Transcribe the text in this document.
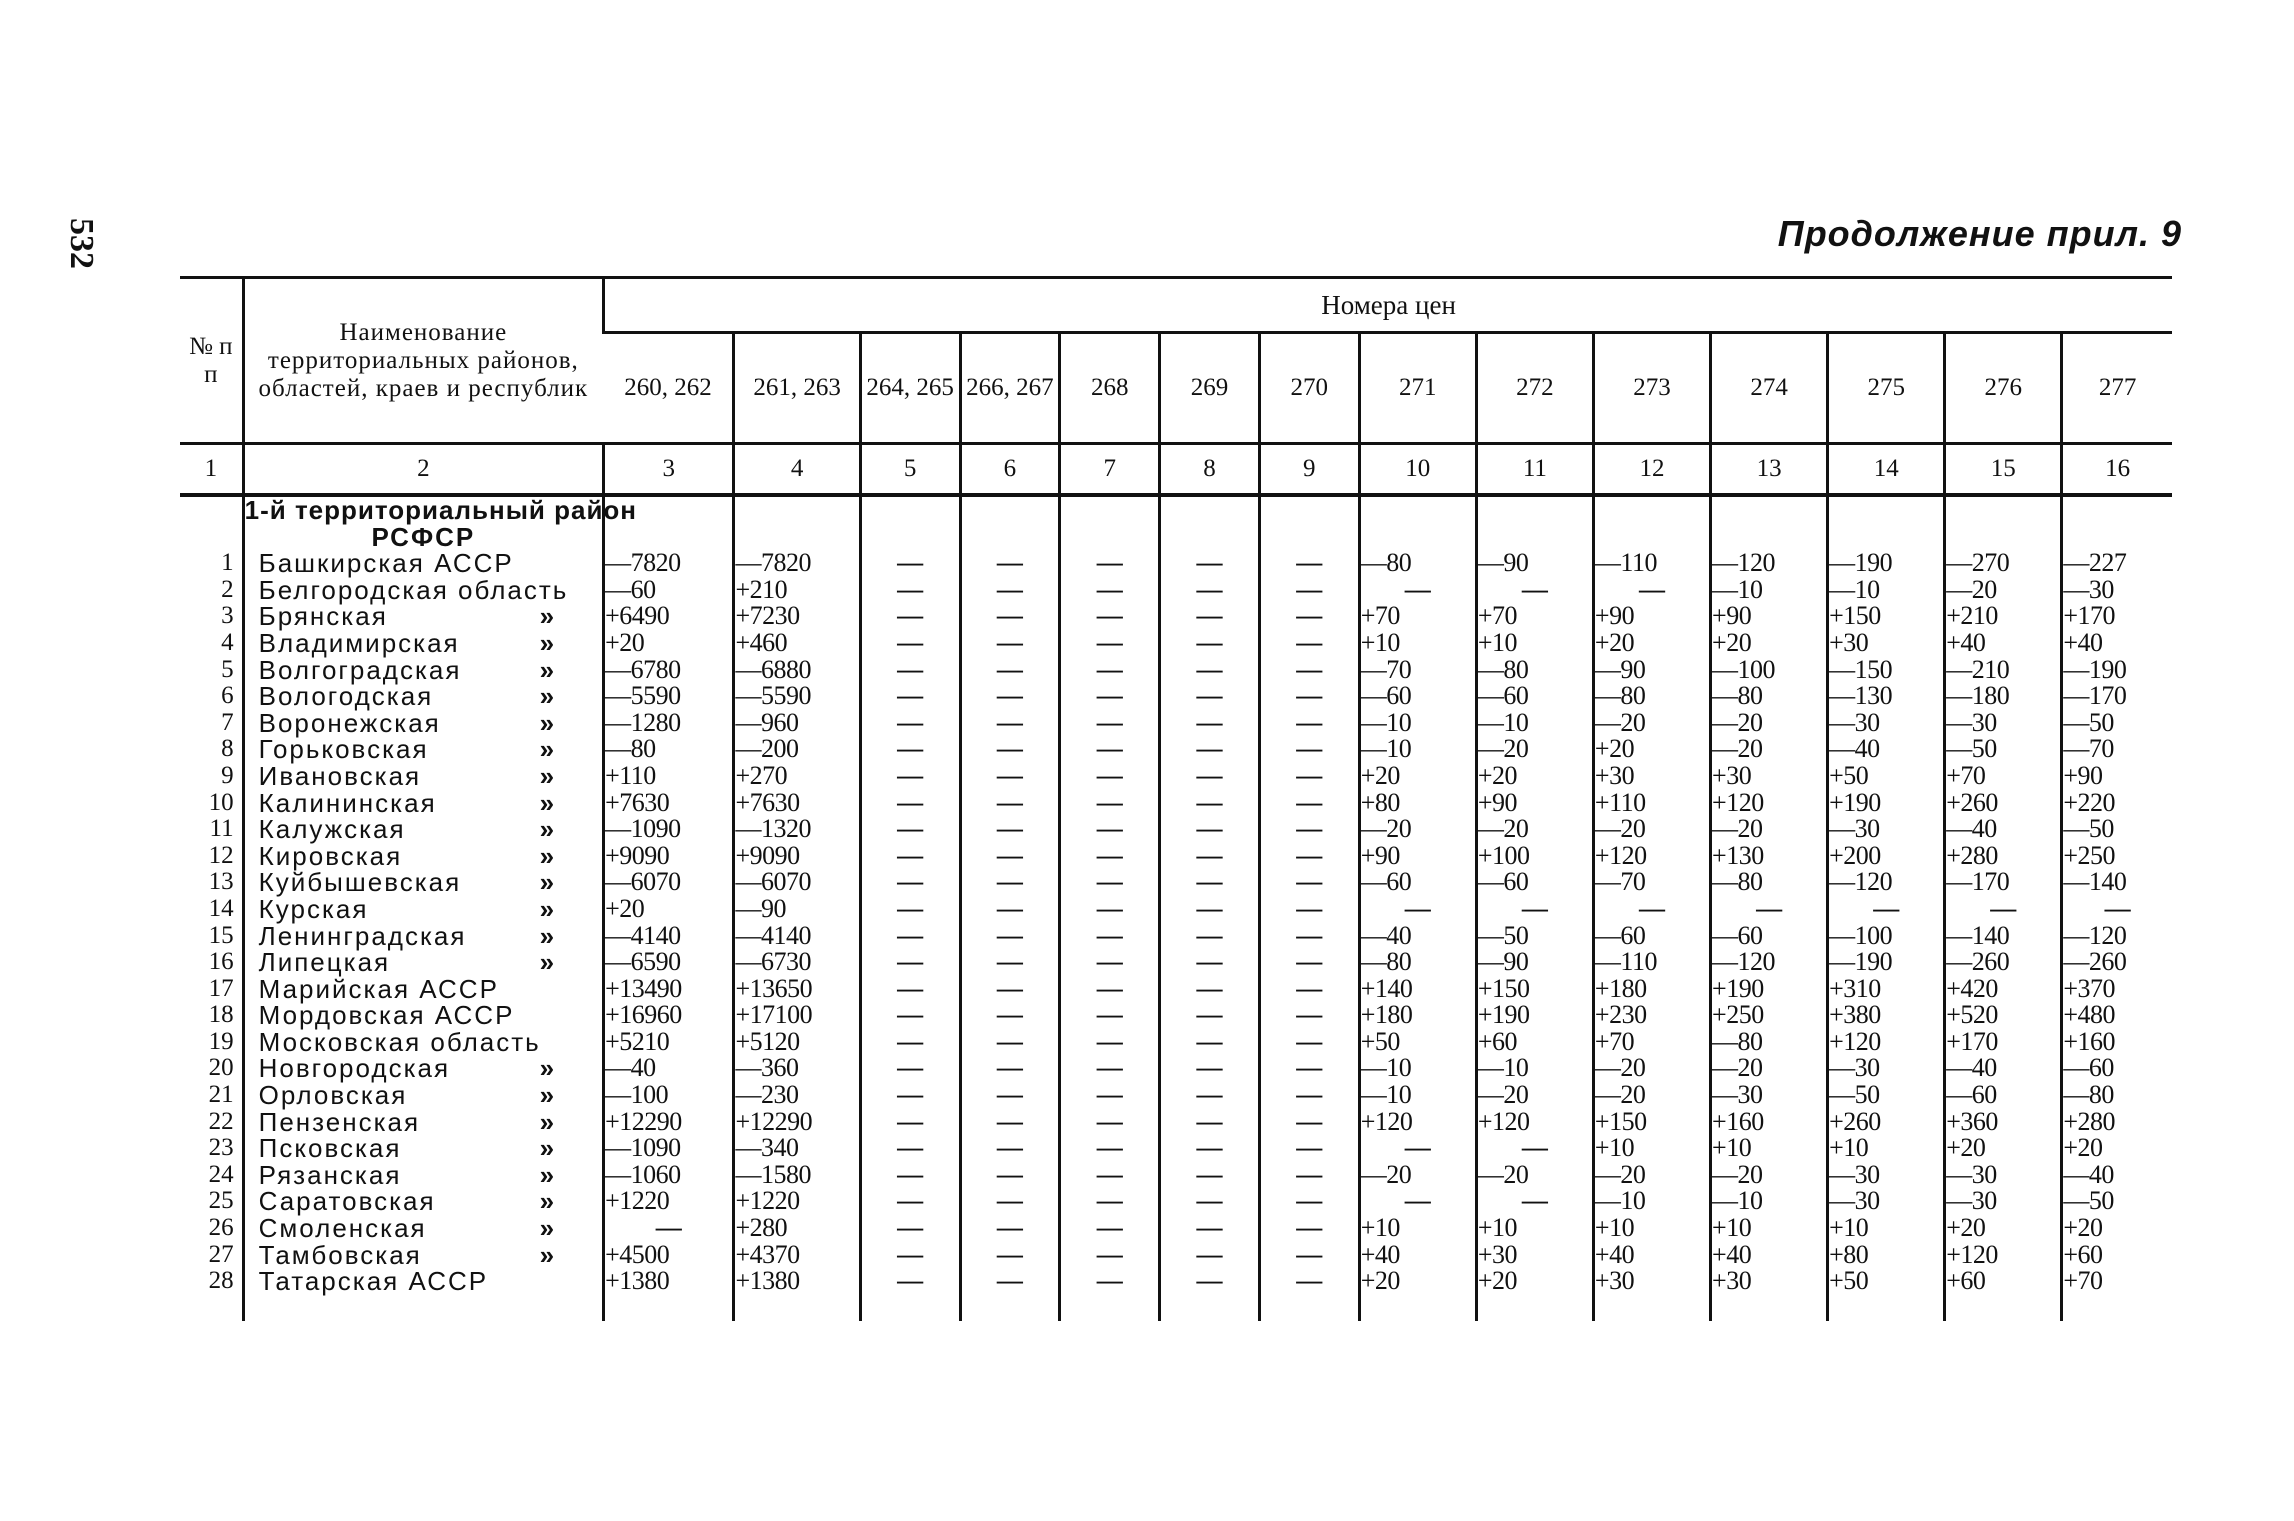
532	Продолжение прил. 9
№ п п	Наименование территориальных районов, областей, краев и республик	Номера цен													
		260, 262	261, 263	264, 265	266, 267	268	269	270	271	272	273	274	275	276	277
1	2	3	4	5	6	7	8	9	10	11	12	13	14	15	16
	1-й территориальный район														
	РСФСР														
1	Башкирская АССР	—7820	—7820	—	—	—	—	—	—80	—90	—110	—120	—190	—270	—227
2	Белгородская область	—60	+210	—	—	—	—	—	—	—	—	—10	—10	—20	—30
3	Брянская »	+6490	+7230	—	—	—	—	—	+70	+70	+90	+90	+150	+210	+170
4	Владимирская »	+20	+460	—	—	—	—	—	+10	+10	+20	+20	+30	+40	+40
5	Волгоградская »	—6780	—6880	—	—	—	—	—	—70	—80	—90	—100	—150	—210	—190
6	Вологодская »	—5590	—5590	—	—	—	—	—	—60	—60	—80	—80	—130	—180	—170
7	Воронежская »	—1280	—960	—	—	—	—	—	—10	—10	—20	—20	—30	—30	—50
8	Горьковская »	—80	—200	—	—	—	—	—	—10	—20	+20	—20	—40	—50	—70
9	Ивановская »	+110	+270	—	—	—	—	—	+20	+20	+30	+30	+50	+70	+90
10	Калининская »	+7630	+7630	—	—	—	—	—	+80	+90	+110	+120	+190	+260	+220
11	Калужская »	—1090	—1320	—	—	—	—	—	—20	—20	—20	—20	—30	—40	—50
12	Кировская »	+9090	+9090	—	—	—	—	—	+90	+100	+120	+130	+200	+280	+250
13	Куйбышевская »	—6070	—6070	—	—	—	—	—	—60	—60	—70	—80	—120	—170	—140
14	Курская »	+20	—90	—	—	—	—	—	—	—	—	—	—	—	—
15	Ленинградская »	—4140	—4140	—	—	—	—	—	—40	—50	—60	—60	—100	—140	—120
16	Липецкая »	—6590	—6730	—	—	—	—	—	—80	—90	—110	—120	—190	—260	—260
17	Марийская АССР	+13490	+13650	—	—	—	—	—	+140	+150	+180	+190	+310	+420	+370
18	Мордовская АССР	+16960	+17100	—	—	—	—	—	+180	+190	+230	+250	+380	+520	+480
19	Московская область	+5210	+5120	—	—	—	—	—	+50	+60	+70	—80	+120	+170	+160
20	Новгородская »	—40	—360	—	—	—	—	—	—10	—10	—20	—20	—30	—40	—60
21	Орловская »	—100	—230	—	—	—	—	—	—10	—20	—20	—30	—50	—60	—80
22	Пензенская »	+12290	+12290	—	—	—	—	—	+120	+120	+150	+160	+260	+360	+280
23	Псковская »	—1090	—340	—	—	—	—	—	—	—	+10	+10	+10	+20	+20
24	Рязанская »	—1060	—1580	—	—	—	—	—	—20	—20	—20	—20	—30	—30	—40
25	Саратовская »	+1220	+1220	—	—	—	—	—	—	—	—10	—10	—30	—30	—50
26	Смоленская »	—	+280	—	—	—	—	—	+10	+10	+10	+10	+10	+20	+20
27	Тамбовская »	+4500	+4370	—	—	—	—	—	+40	+30	+40	+40	+80	+120	+60
28	Татарская АССР	+1380	+1380	—	—	—	—	—	+20	+20	+30	+30	+50	+60	+70
